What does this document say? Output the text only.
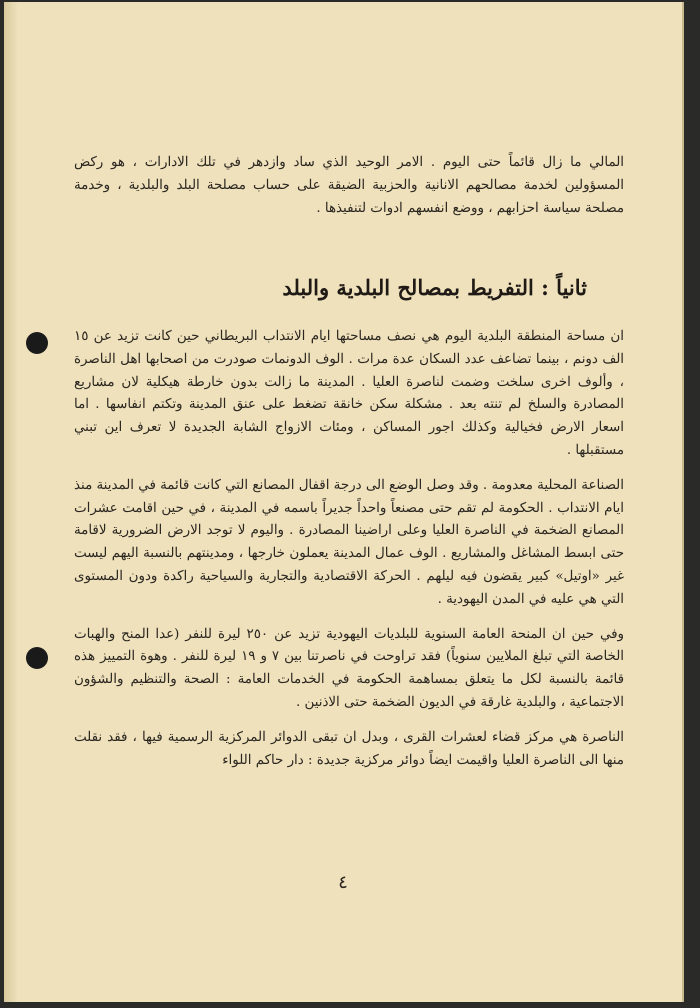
المالي ما زال قائماً حتى اليوم . الامر الوحيد الذي ساد وازدهر في تلك الادارات ، هو ركض المسؤولين لخدمة مصالحهم الانانية والحزبية الضيقة على حساب مصلحة البلد والبلدية ، وخدمة مصلحة سياسة احزابهم ، ووضع انفسهم ادوات لتنفيذها .

ثانياً : التفريط بمصالح البلدية والبلد

ان مساحة المنطقة البلدية اليوم هي نصف مساحتها ايام الانتداب البريطاني حين كانت تزيد عن ١٥ الف دونم ، بينما تضاعف عدد السكان عدة مرات . الوف الدونمات صودرت من اصحابها اهل الناصرة ، وألوف اخرى سلخت وضمت لناصرة العليا . المدينة ما زالت بدون خارطة هيكلية لان مشاريع المصادرة والسلخ لم تنته بعد . مشكلة سكن خانقة تضغط على عنق المدينة وتكتم انفاسها . اما اسعار الارض فخيالية وكذلك اجور المساكن ، ومئات الازواج الشابة الجديدة لا تعرف اين تبني مستقبلها .

الصناعة المحلية معدومة . وقد وصل الوضع الى درجة اقفال المصانع التي كانت قائمة في المدينة منذ ايام الانتداب . الحكومة لم تقم حتى مصنعاً واحداً جديراً باسمه في المدينة ، في حين اقامت عشرات المصانع الضخمة في الناصرة العليا وعلى اراضينا المصادرة . واليوم لا توجد الارض الضرورية لاقامة حتى ابسط المشاغل والمشاريع . الوف عمال المدينة يعملون خارجها ، ومدينتهم بالنسبة اليهم ليست غير «اوتيل» كبير يقضون فيه ليلهم . الحركة الاقتصادية والتجارية والسياحية راكدة ودون المستوى التي هي عليه في المدن اليهودية .

وفي حين ان المنحة العامة السنوية للبلديات اليهودية تزيد عن ٢٥٠ ليرة للنفر (عدا المنح والهبات الخاصة التي تبلغ الملايين سنوياً) فقد تراوحت في ناصرتنا بين ٧ و ١٩ ليرة للنفر . وهوة التمييز هذه قائمة بالنسبة لكل ما يتعلق بمساهمة الحكومة في الخدمات العامة : الصحة والتنظيم والشؤون الاجتماعية ، والبلدية غارقة في الديون الضخمة حتى الاذنين .

الناصرة هي مركز قضاء لعشرات القرى ، وبدل ان تبقى الدوائر المركزية الرسمية فيها ، فقد نقلت منها الى الناصرة العليا واقيمت ايضاً دوائر مركزية جديدة : دار حاكم اللواء

٤
